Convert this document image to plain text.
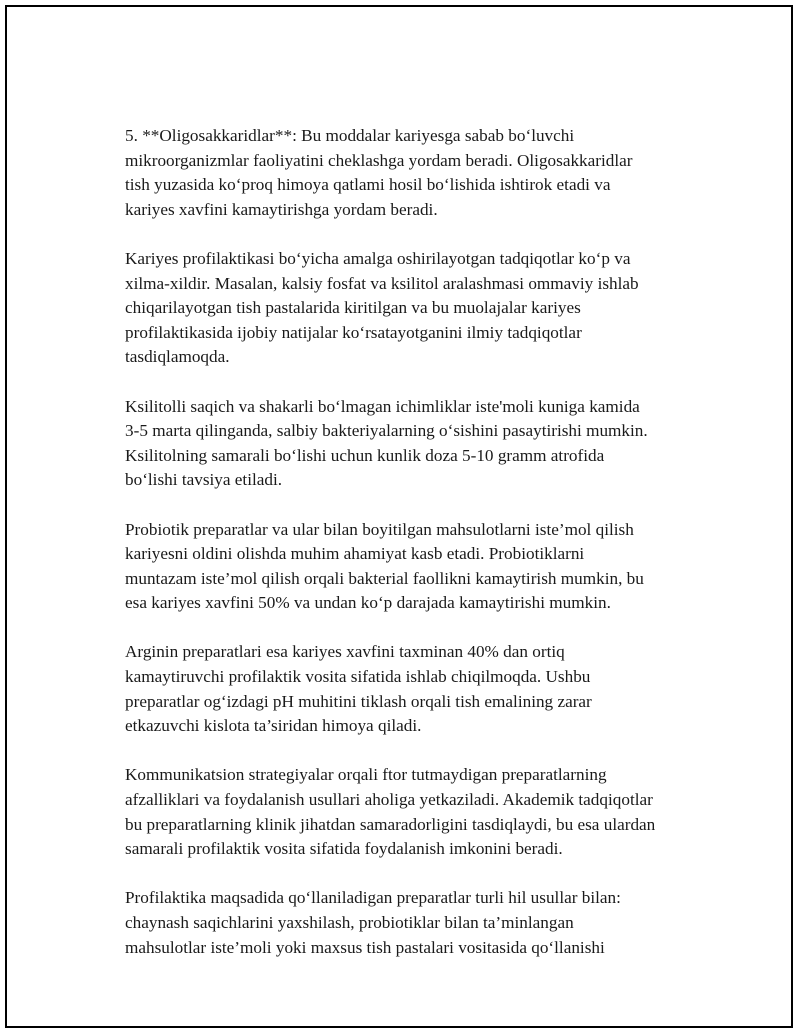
5. **Oligosakkaridlar**: Bu moddalar kariyesga sabab bo‘luvchi
mikroorganizmlar faoliyatini cheklashga yordam beradi. Oligosakkaridlar
tish yuzasida ko‘proq himoya qatlami hosil bo‘lishida ishtirok etadi va
kariyes xavfini kamaytirishga yordam beradi.

Kariyes profilaktikasi bo‘yicha amalga oshirilayotgan tadqiqotlar ko‘p va
xilma-xildir. Masalan, kalsiy fosfat va ksilitol aralashmasi ommaviy ishlab
chiqarilayotgan tish pastalarida kiritilgan va bu muolajalar kariyes
profilaktikasida ijobiy natijalar ko‘rsatayotganini ilmiy tadqiqotlar
tasdiqlamoqda.

Ksilitolli saqich va shakarli bo‘lmagan ichimliklar iste'moli kuniga kamida
3-5 marta qilinganda, salbiy bakteriyalarning o‘sishini pasaytirishi mumkin.
Ksilitolning samarali bo‘lishi uchun kunlik doza 5-10 gramm atrofida
bo‘lishi tavsiya etiladi.

Probiotik preparatlar va ular bilan boyitilgan mahsulotlarni iste’mol qilish
kariyesni oldini olishda muhim ahamiyat kasb etadi. Probiotiklarni
muntazam iste’mol qilish orqali bakterial faollikni kamaytirish mumkin, bu
esa kariyes xavfini 50% va undan ko‘p darajada kamaytirishi mumkin.

Arginin preparatlari esa kariyes xavfini taxminan 40% dan ortiq
kamaytiruvchi profilaktik vosita sifatida ishlab chiqilmoqda. Ushbu
preparatlar og‘izdagi pH muhitini tiklash orqali tish emalining zarar
etkazuvchi kislota ta’siridan himoya qiladi.

Kommunikatsion strategiyalar orqali ftor tutmaydigan preparatlarning
afzalliklari va foydalanish usullari aholiga yetkaziladi. Akademik tadqiqotlar
bu preparatlarning klinik jihatdan samaradorligini tasdiqlaydi, bu esa ulardan
samarali profilaktik vosita sifatida foydalanish imkonini beradi.

Profilaktika maqsadida qo‘llaniladigan preparatlar turli hil usullar bilan:
chaynash saqichlarini yaxshilash, probiotiklar bilan ta’minlangan
mahsulotlar iste’moli yoki maxsus tish pastalari vositasida qo‘llanishi
